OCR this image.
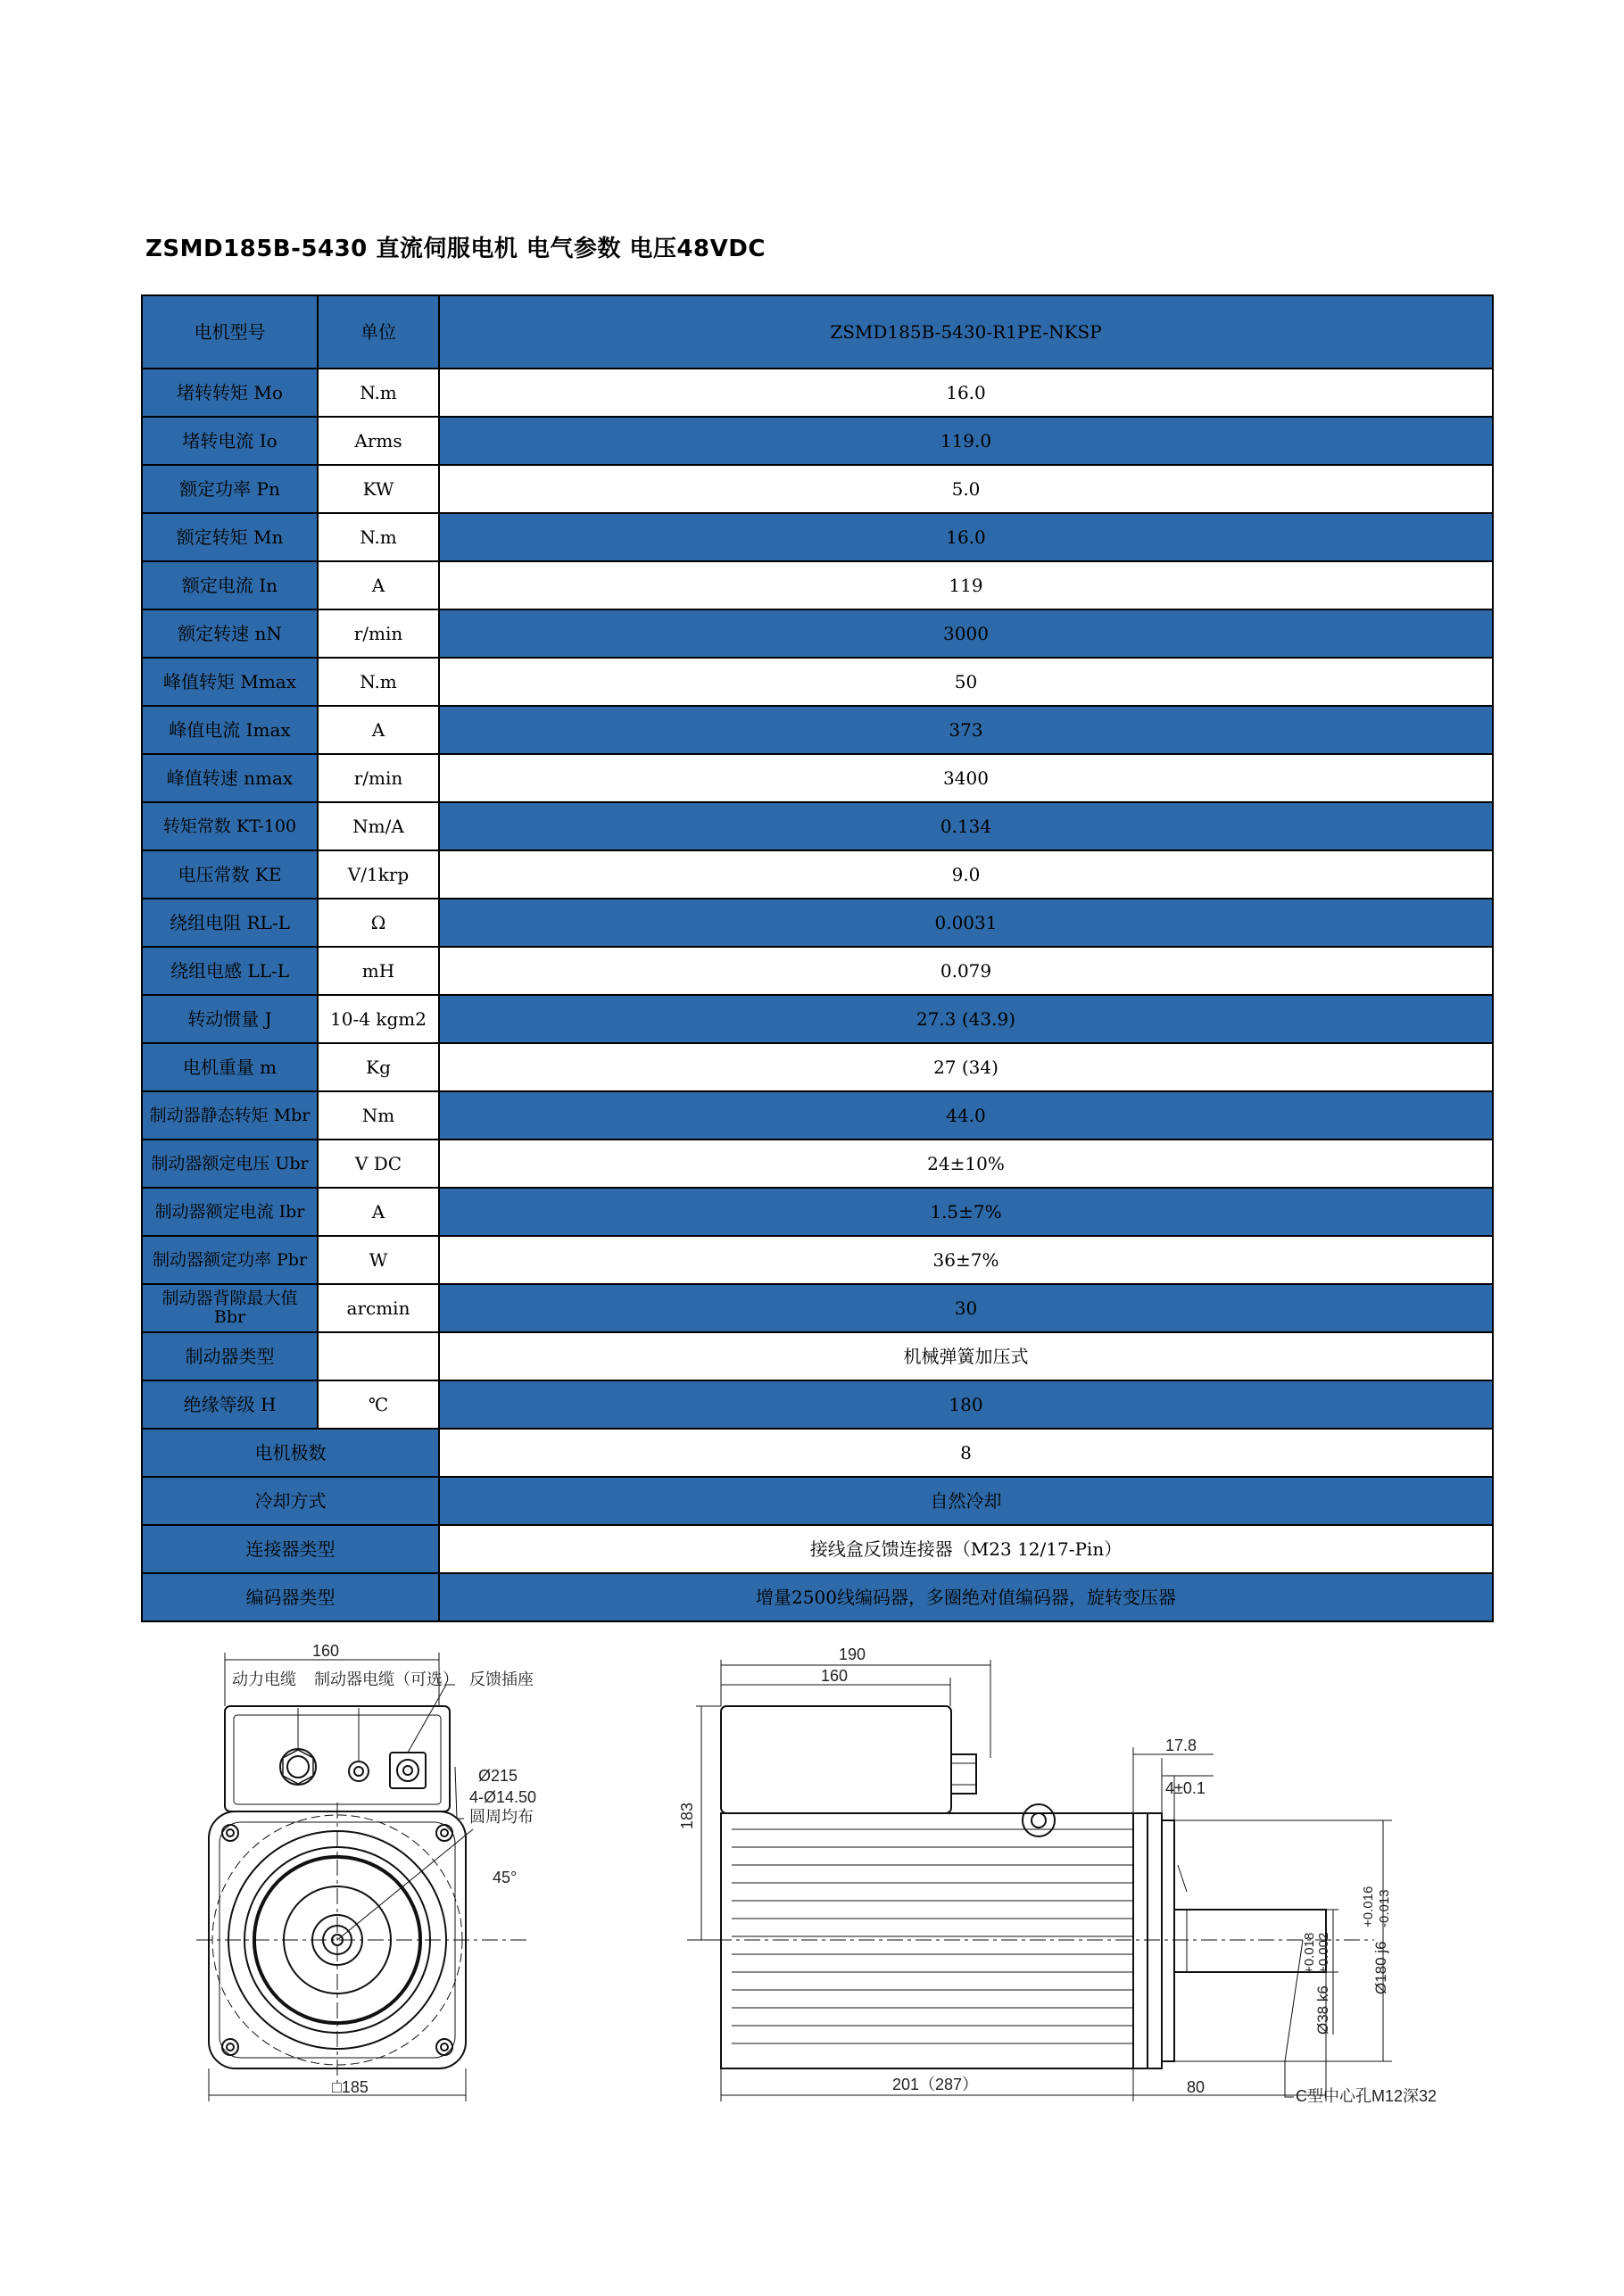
ZSMD185B-5430 直流伺服电机 电气参数 电压48VDC
电机型号	单位	ZSMD185B-5430-R1PE-NKSP
堵转转矩 Mo	N.m	16.0
堵转电流 Io	Arms	119.0
额定功率 Pn	KW	5.0
额定转矩 Mn	N.m	16.0
额定电流 In	A	119
额定转速 nN	r/min	3000
峰值转矩 Mmax	N.m	50
峰值电流 Imax	A	373
峰值转速 nmax	r/min	3400
转矩常数 KT-100	Nm/A	0.134
电压常数 KE	V/1krp	9.0
绕组电阻 RL-L	Ω	0.0031
绕组电感 LL-L	mH	0.079
转动惯量 J	10-4 kgm2	27.3 (43.9)
电机重量 m	Kg	27 (34)
制动器静态转矩 Mbr	Nm	44.0
制动器额定电压 Ubr	V DC	24±10%
制动器额定电流 Ibr	A	1.5±7%
制动器额定功率 Pbr	W	36±7%
制动器背隙最大值 Bbr	arcmin	30
制动器类型		机械弹簧加压式
绝缘等级 H	℃	180
电机极数		8
冷却方式		自然冷却
连接器类型		接线盒反馈连接器（M23 12/17-Pin）
编码器类型		增量2500线编码器，多圈绝对值编码器，旋转变压器
160
动力电缆 制动器电缆（可选） 反馈插座
Ø215
4-Ø14.50
圆周均布
45°
□185
190
160
183
17.8
4±0.1
Ø180 j6
+0.016 -0.013
Ø38 k6
+0.018 +0.002
201（287）	80	C型中心孔M12深32
